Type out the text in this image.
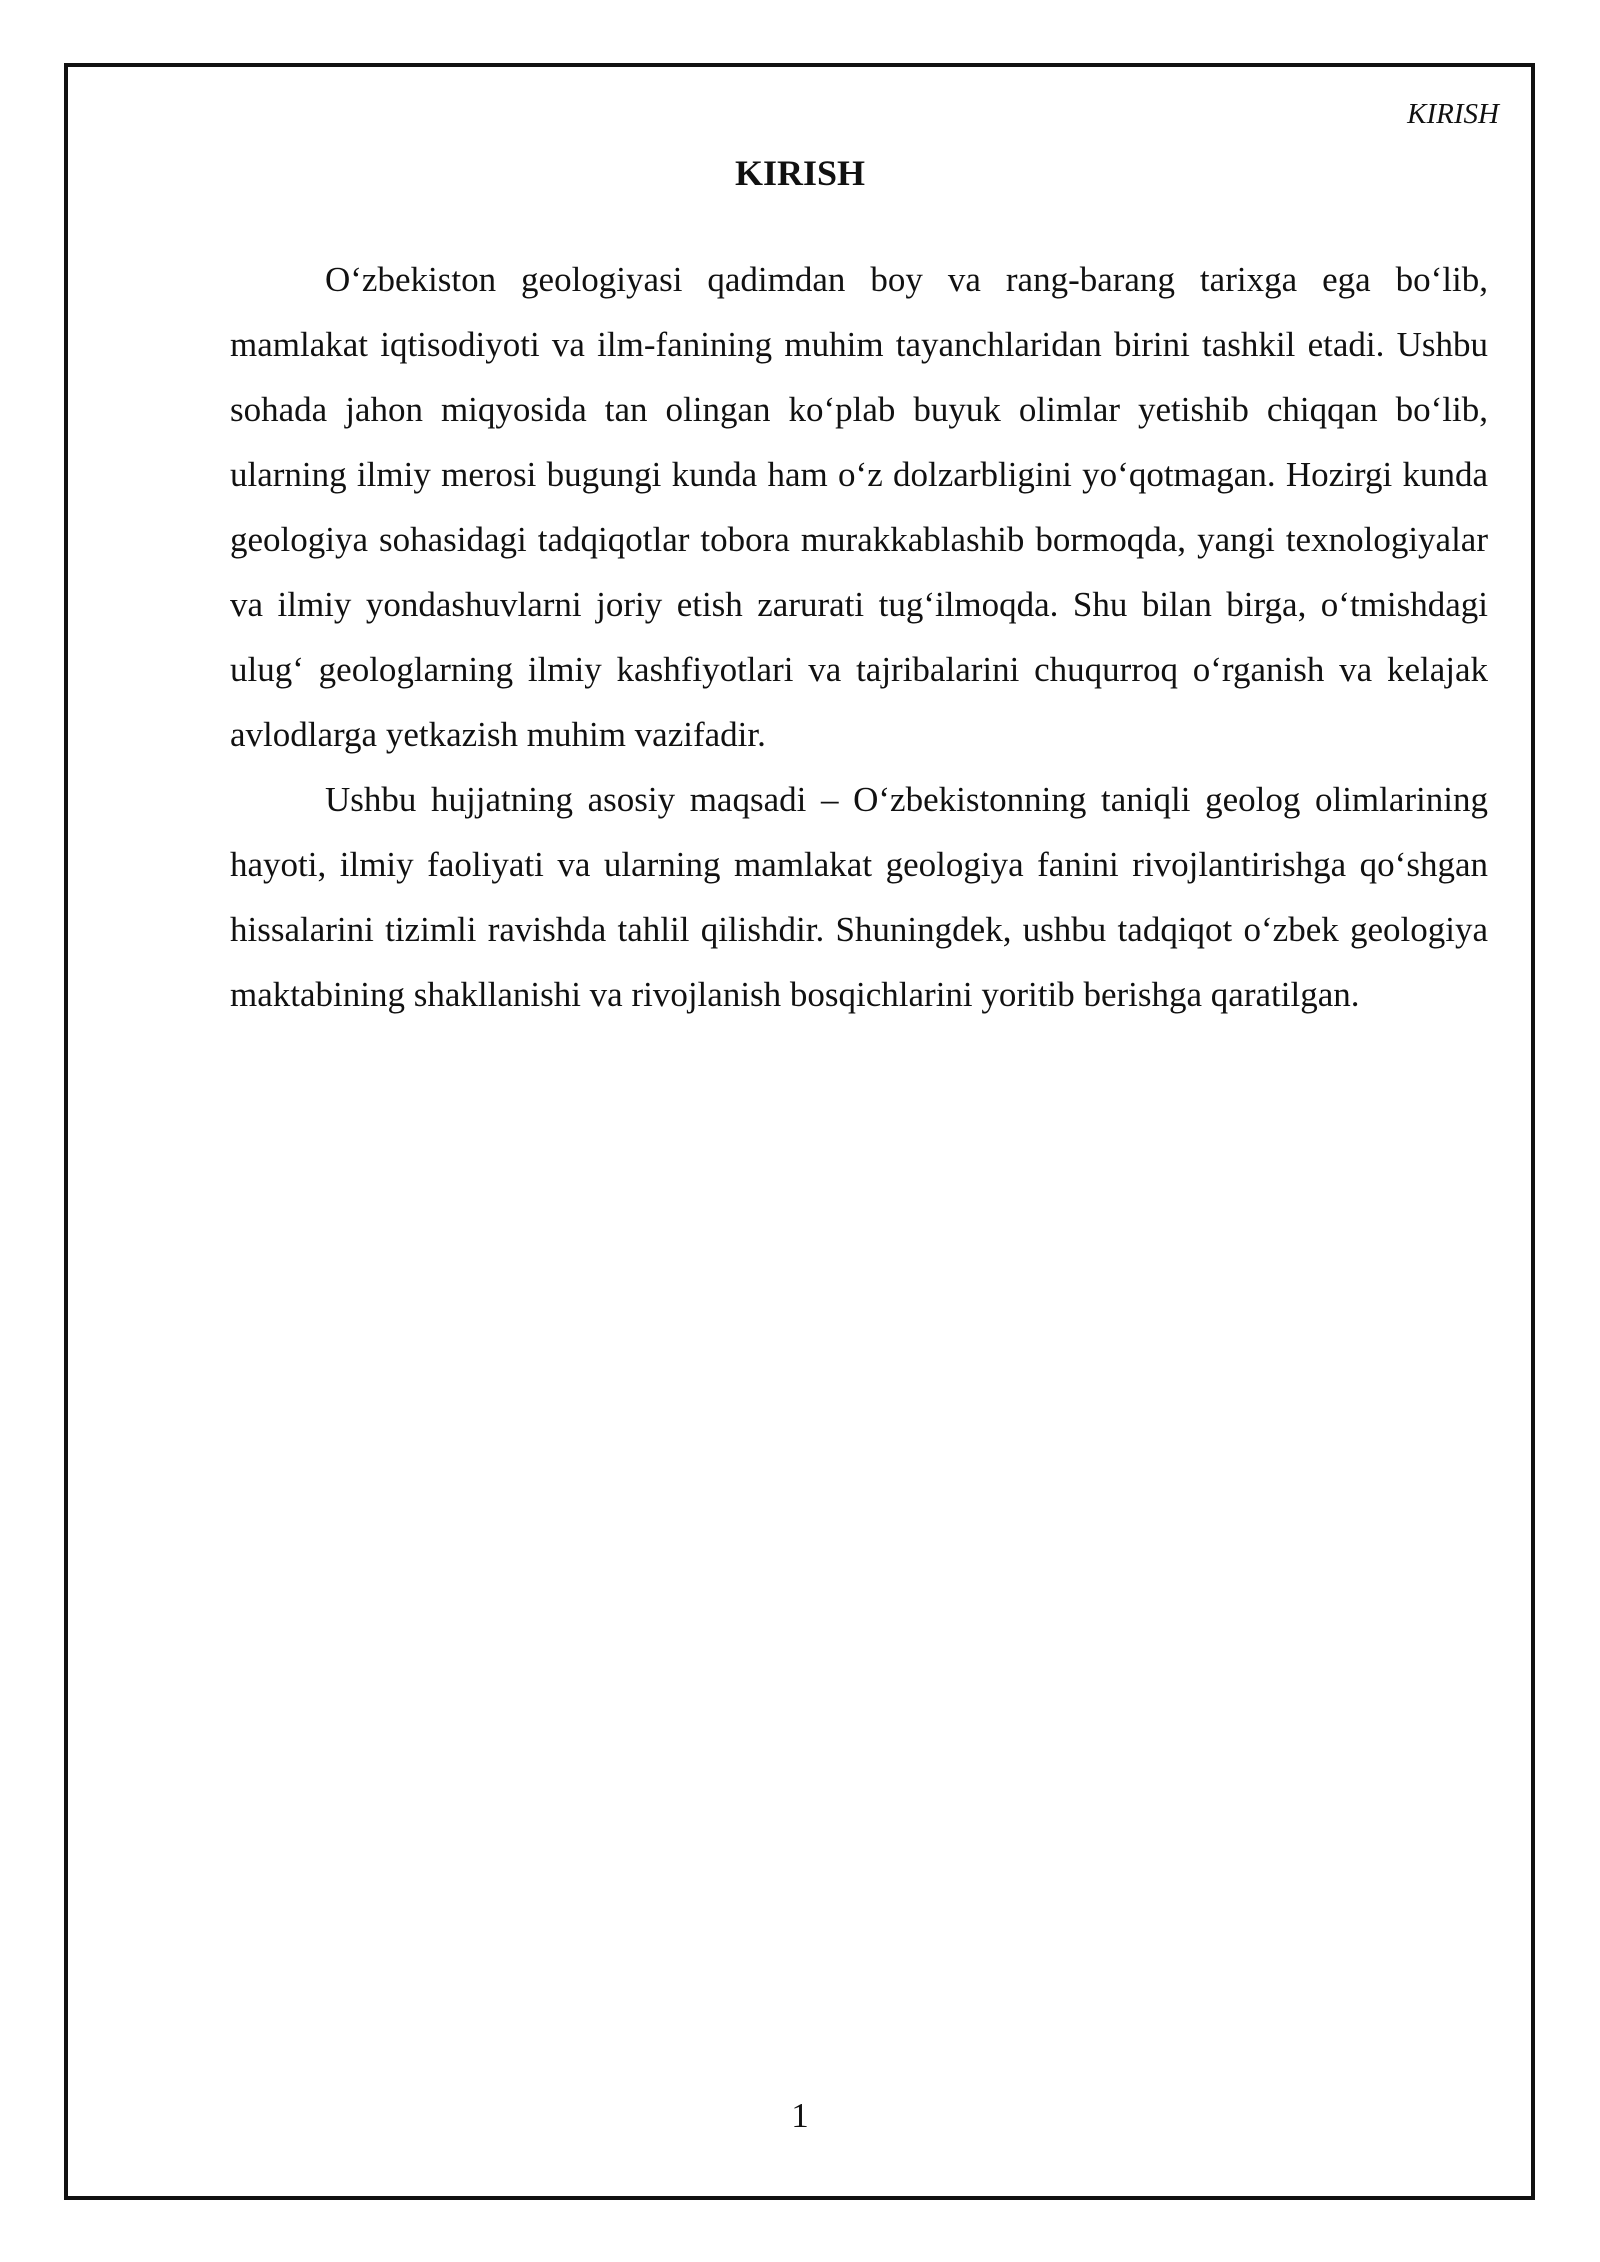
KIRISH
KIRISH

O‘zbekiston geologiyasi qadimdan boy va rang-barang tarixga ega bo‘lib, mamlakat iqtisodiyoti va ilm-fanining muhim tayanchlaridan birini tashkil etadi. Ushbu sohada jahon miqyosida tan olingan ko‘plab buyuk olimlar yetishib chiqqan bo‘lib, ularning ilmiy merosi bugungi kunda ham o‘z dolzarbligini yo‘qotmagan. Hozirgi kunda geologiya sohasidagi tadqiqotlar tobora murakkablashib bormoqda, yangi texnologiyalar va ilmiy yondashuvlarni joriy etish zarurati tug‘ilmoqda. Shu bilan birga, o‘tmishdagi ulug‘ geologlarning ilmiy kashfiyotlari va tajribalarini chuqurroq o‘rganish va kelajak avlodlarga yetkazish muhim vazifadir.

Ushbu hujjatning asosiy maqsadi – O‘zbekistonning taniqli geolog olimlarining hayoti, ilmiy faoliyati va ularning mamlakat geologiya fanini rivojlantirishga qo‘shgan hissalarini tizimli ravishda tahlil qilishdir. Shuningdek, ushbu tadqiqot o‘zbek geologiya maktabining shakllanishi va rivojlanish bosqichlarini yoritib berishga qaratilgan.

1
